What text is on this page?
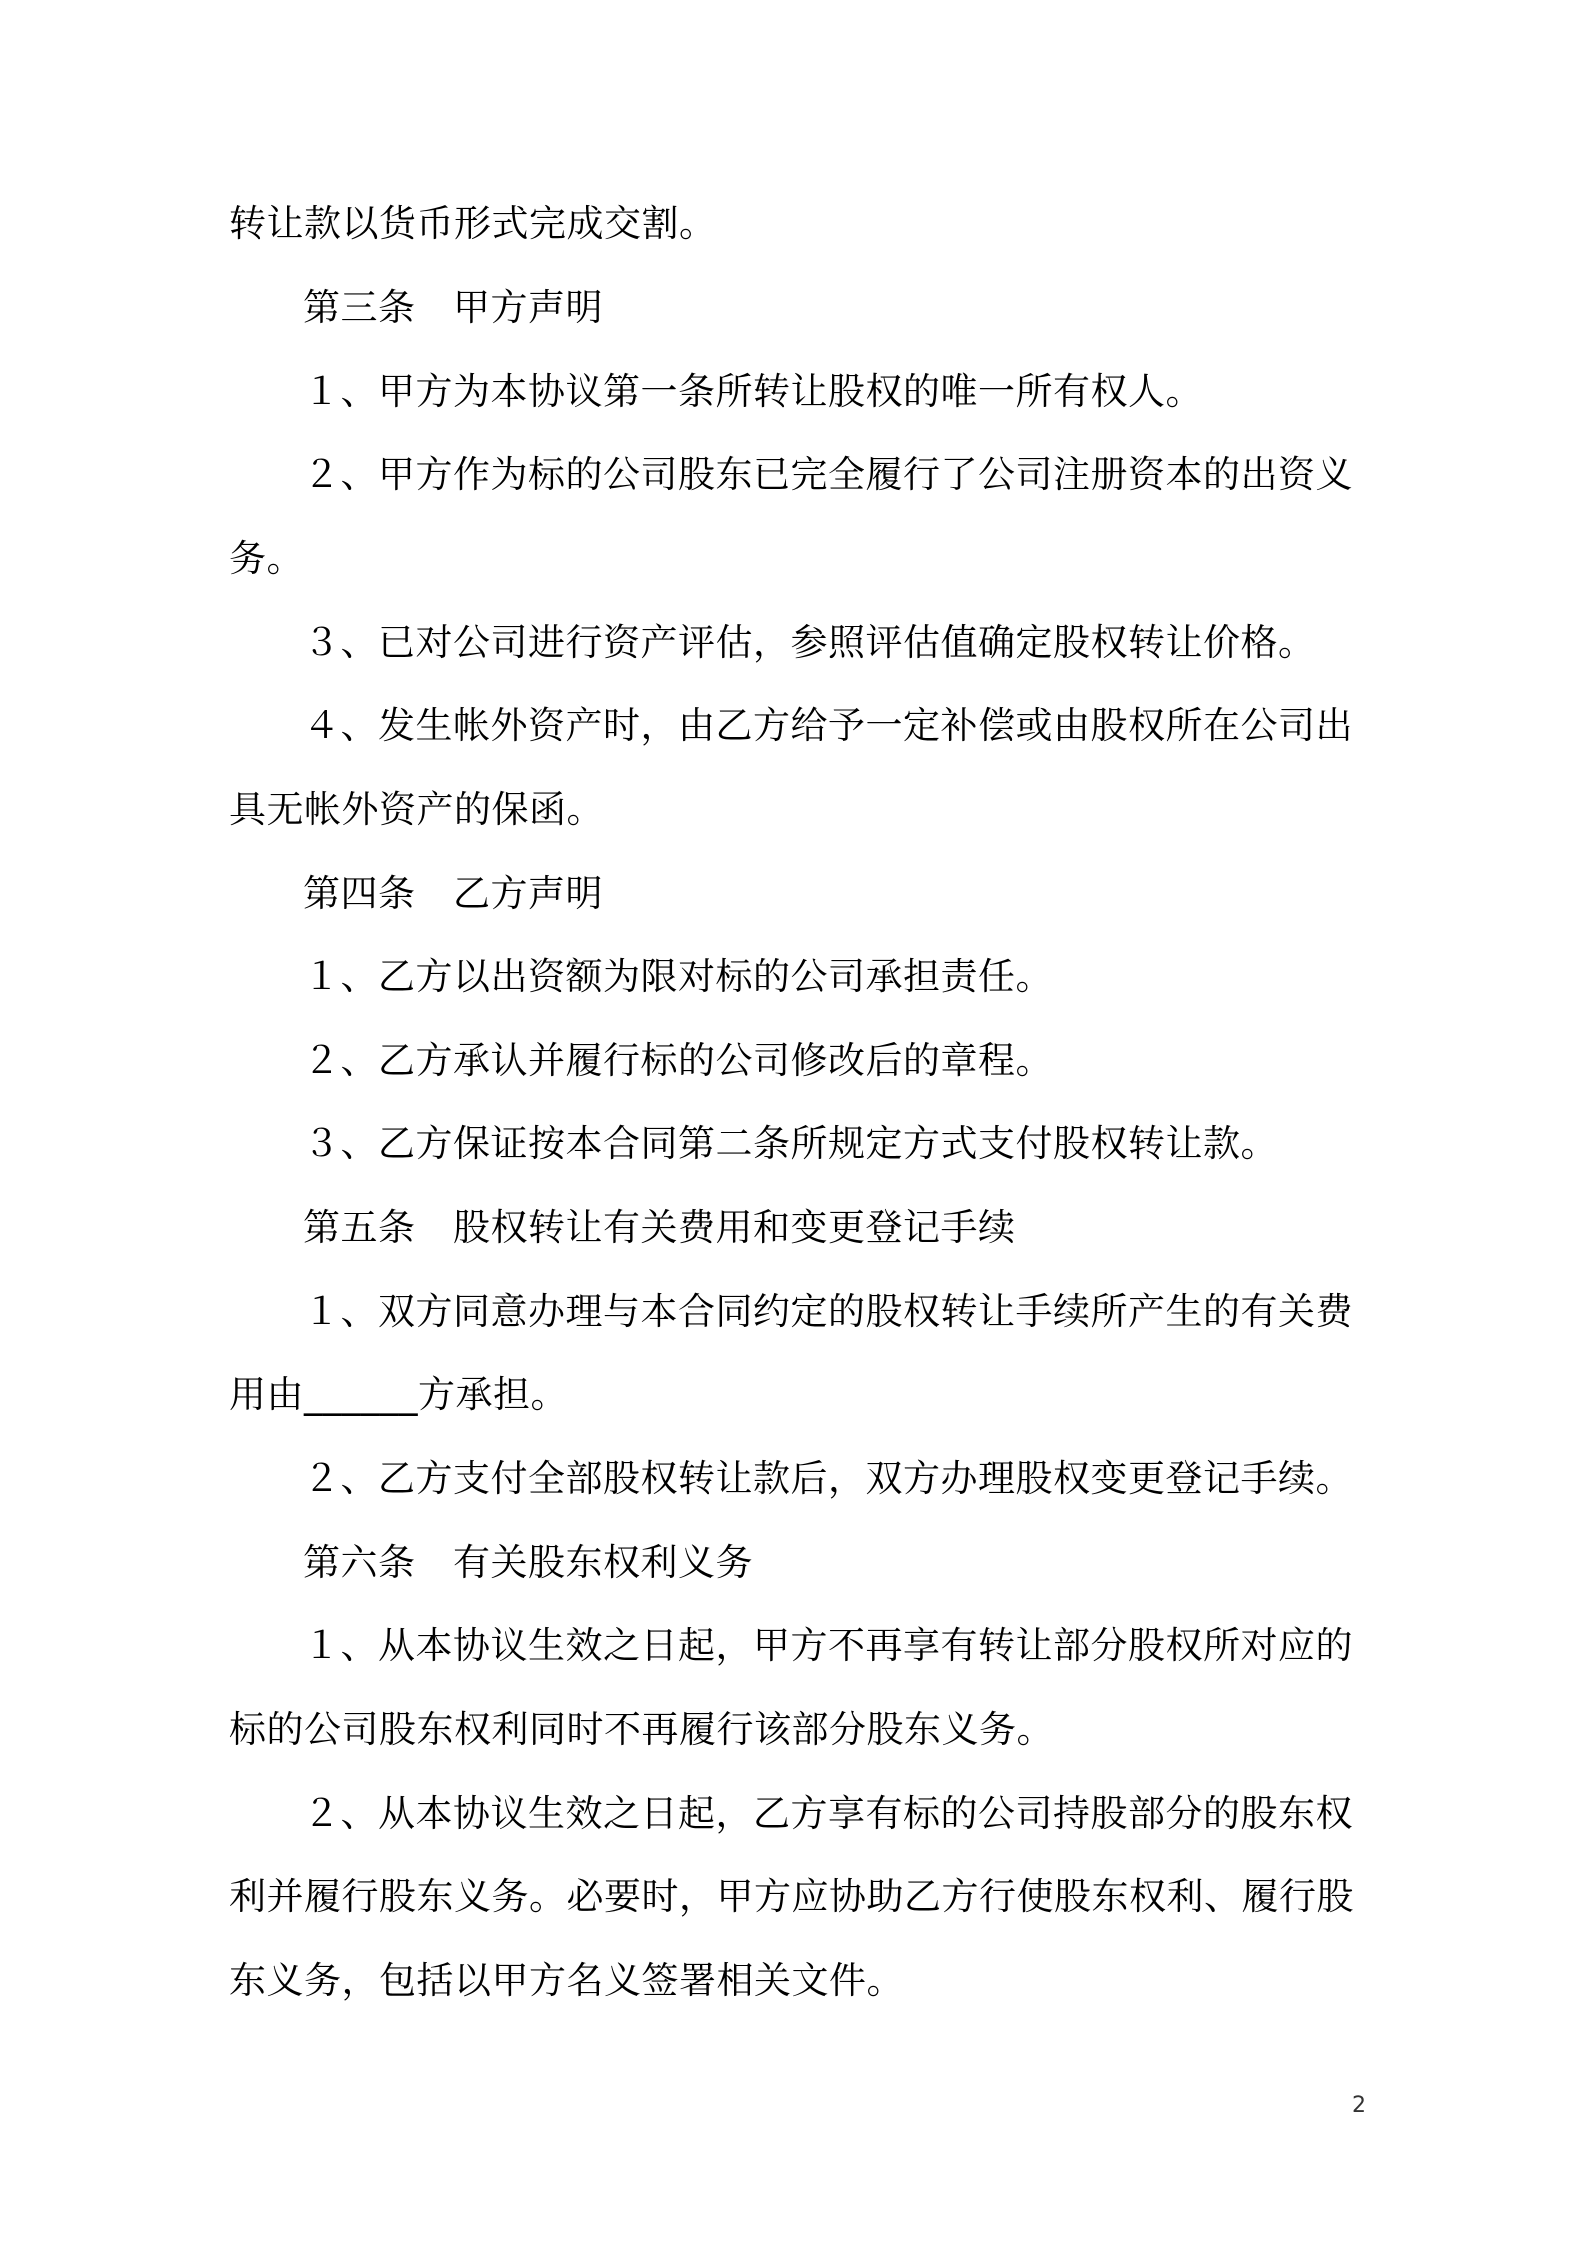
转让款以货币形式完成交割。
第三条　甲方声明
１、甲方为本协议第一条所转让股权的唯一所有权人。
２、甲方作为标的公司股东已完全履行了公司注册资本的出资义
务。
３、已对公司进行资产评估，参照评估值确定股权转让价格。
４、发生帐外资产时，由乙方给予一定补偿或由股权所在公司出
具无帐外资产的保函。
第四条　乙方声明
１、乙方以出资额为限对标的公司承担责任。
２、乙方承认并履行标的公司修改后的章程。
３、乙方保证按本合同第二条所规定方式支付股权转让款。
第五条　股权转让有关费用和变更登记手续
１、双方同意办理与本合同约定的股权转让手续所产生的有关费
用由______方承担。
２、乙方支付全部股权转让款后，双方办理股权变更登记手续。
第六条　有关股东权利义务
１、从本协议生效之日起，甲方不再享有转让部分股权所对应的
标的公司股东权利同时不再履行该部分股东义务。
２、从本协议生效之日起，乙方享有标的公司持股部分的股东权
利并履行股东义务。必要时，甲方应协助乙方行使股东权利、履行股
东义务，包括以甲方名义签署相关文件。
2
